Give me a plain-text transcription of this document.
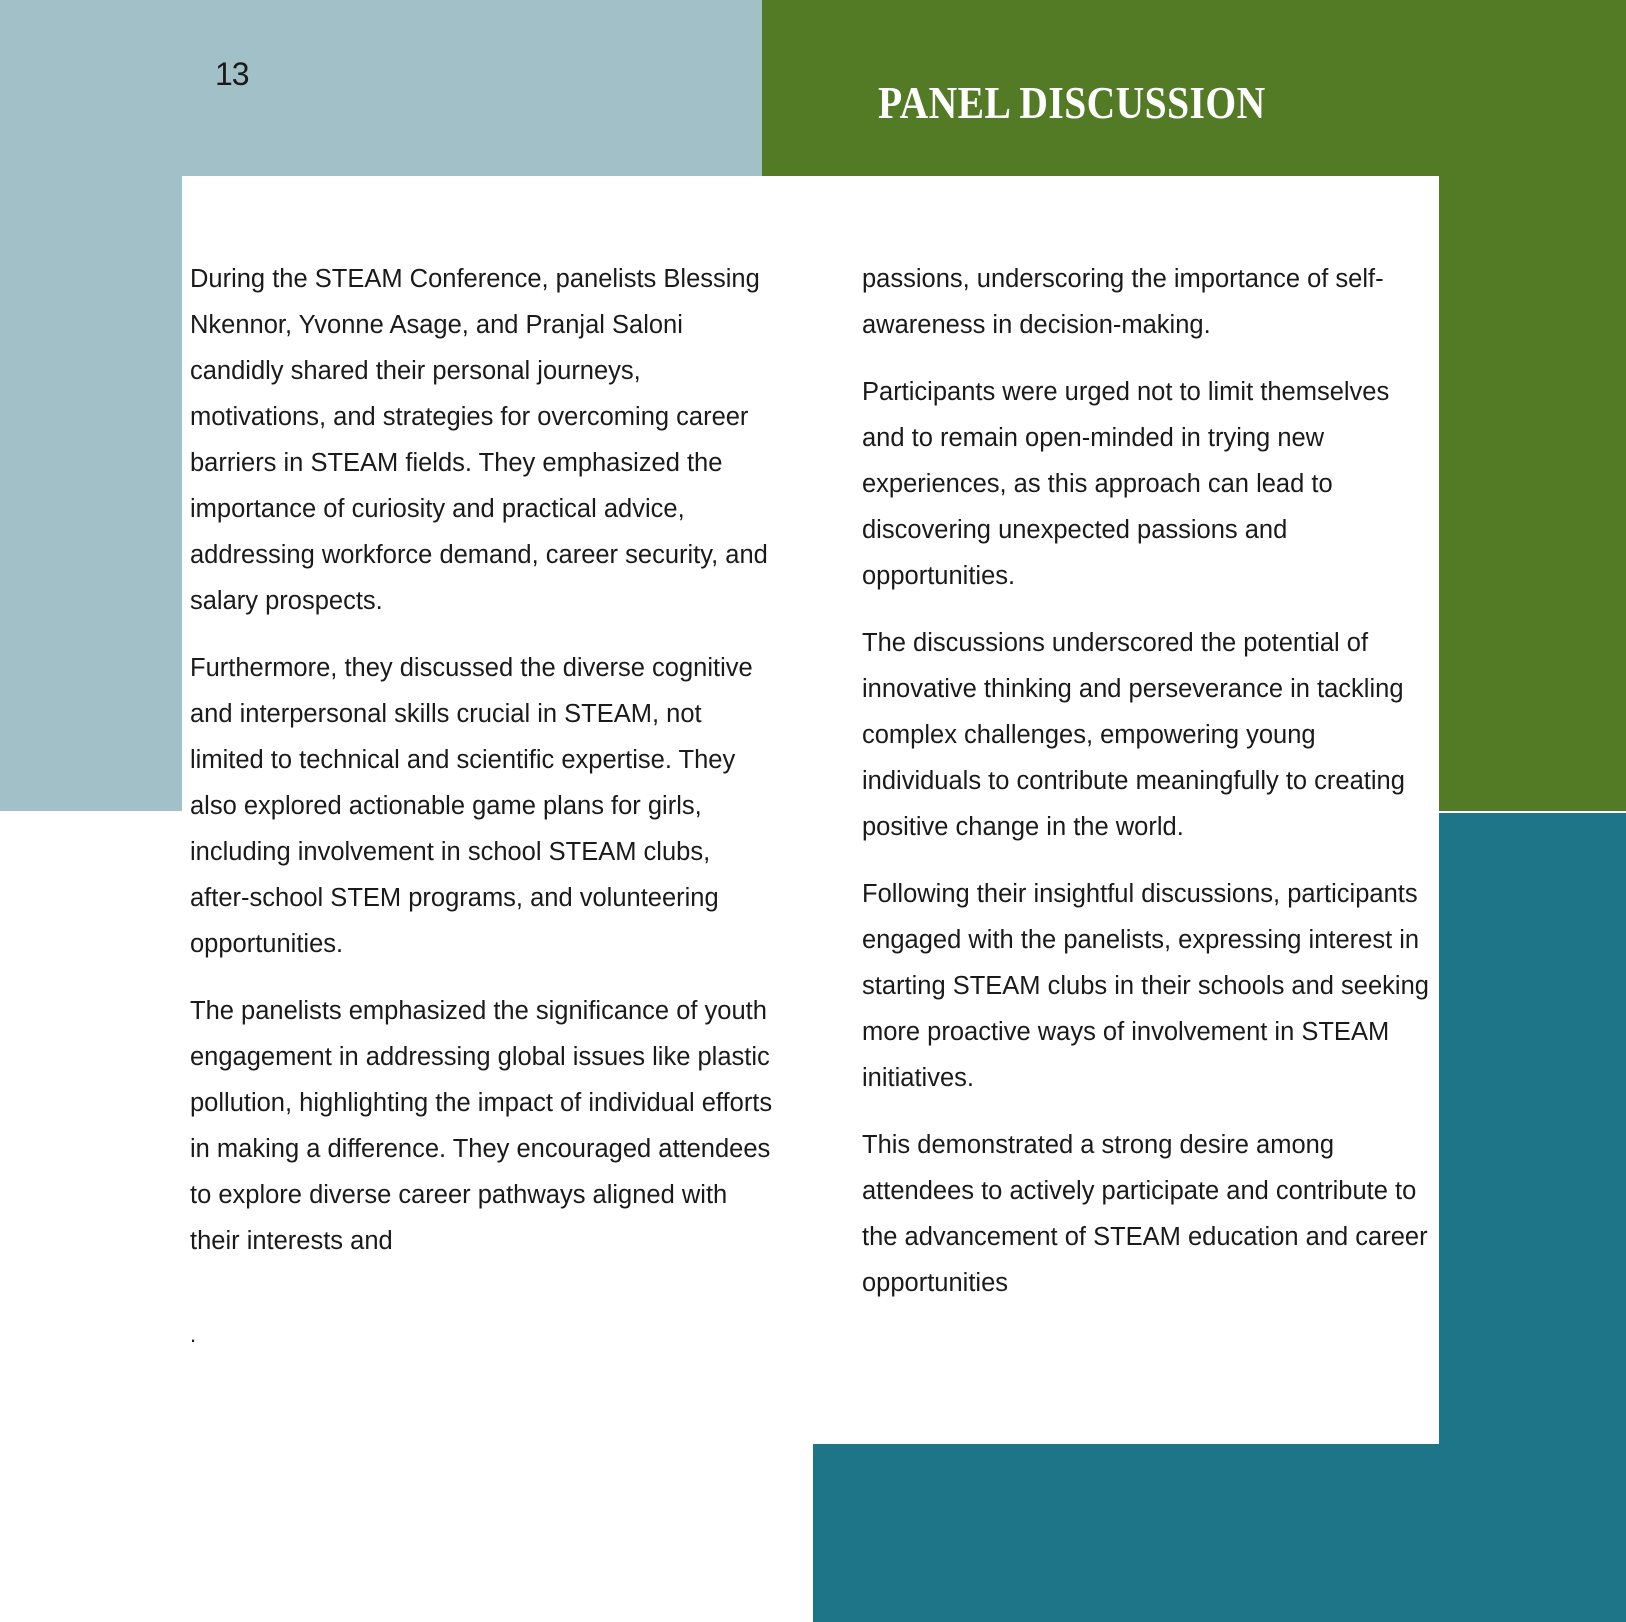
13
PANEL DISCUSSION

During the STEAM Conference, panelists Blessing Nkennor, Yvonne Asage, and Pranjal Saloni candidly shared their personal journeys, motivations, and strategies for overcoming career barriers in STEAM fields. They emphasized the importance of curiosity and practical advice, addressing workforce demand, career security, and salary prospects.

Furthermore, they discussed the diverse cognitive and interpersonal skills crucial in STEAM, not limited to technical and scientific expertise. They also explored actionable game plans for girls, including involvement in school STEAM clubs, after-school STEM programs, and volunteering opportunities.

The panelists emphasized the significance of youth engagement in addressing global issues like plastic pollution, highlighting the impact of individual efforts in making a difference. They encouraged attendees to explore diverse career pathways aligned with their interests and

passions, underscoring the importance of self-awareness in decision-making.

Participants were urged not to limit themselves and to remain open-minded in trying new experiences, as this approach can lead to discovering unexpected passions and opportunities.

The discussions underscored the potential of innovative thinking and perseverance in tackling complex challenges, empowering young individuals to contribute meaningfully to creating positive change in the world.

Following their insightful discussions, participants engaged with the panelists, expressing interest in starting STEAM clubs in their schools and seeking more proactive ways of involvement in STEAM initiatives.

This demonstrated a strong desire among attendees to actively participate and contribute to the advancement of STEAM education and career opportunities

.
